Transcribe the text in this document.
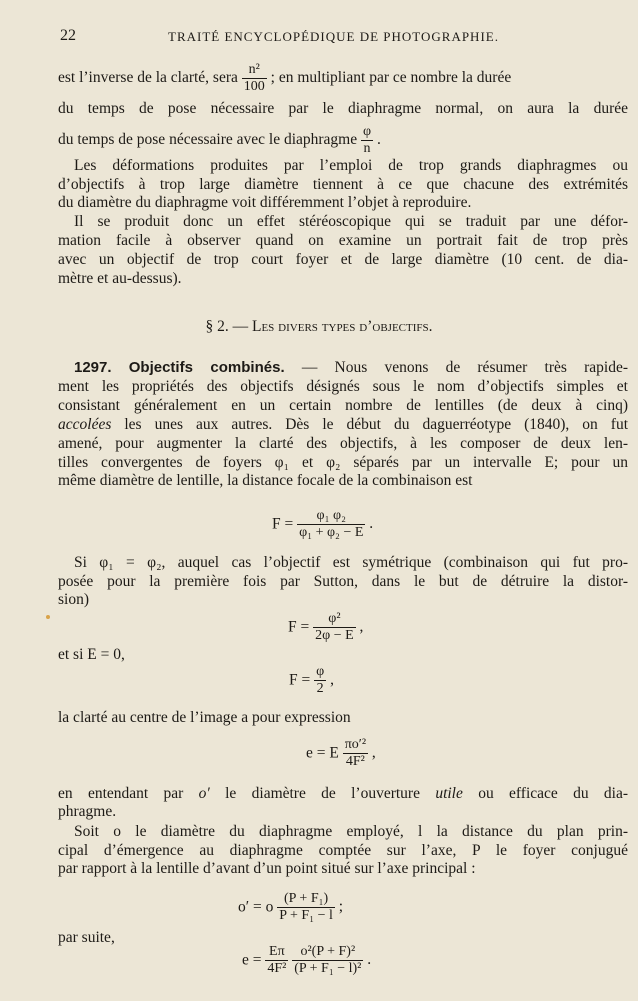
22	TRAITÉ ENCYCLOPÉDIQUE DE PHOTOGRAPHIE.
est l’inverse de la clarté, sera $\frac{\text{n²}}{100}$ ; en multipliant par ce nombre la durée
du temps de pose nécessaire par le diaphragme normal, on aura la durée
du temps de pose nécessaire avec le diaphragme $\frac{\varphi}{n}$ .
Les déformations produites par l’emploi de trop grands diaphragmes ou
d’objectifs à trop large diamètre tiennent à ce que chacune des extrémités
du diamètre du diaphragme voit différemment l’objet à reproduire.
Il se produit donc un effet stéréoscopique qui se traduit par une défor-
mation facile à observer quand on examine un portrait fait de trop près
avec un objectif de trop court foyer et de large diamètre (10 cent. de dia-
mètre et au-dessus).
§ 2. — Les divers types d’objectifs.
1297. Objectifs combinés. — Nous venons de résumer très rapide-
ment les propriétés des objectifs désignés sous le nom d’objectifs simples et
consistant généralement en un certain nombre de lentilles (de deux à cinq)
accolées les unes aux autres. Dès le début du daguerréotype (1840), on fut
amené, pour augmenter la clarté des objectifs, à les composer de deux len-
tilles convergentes de foyers φ₁ et φ₂ séparés par un intervalle E; pour un
même diamètre de lentille, la distance focale de la combinaison est
$F = \frac{\text{φ₁ φ₂}}{\text{φ₁ + φ₂ − E}}$ .
Si φ₁ = φ₂, auquel cas l’objectif est symétrique (combinaison qui fut pro-
posée pour la première fois par Sutton, dans le but de détruire la distor-
sion)
$F = \frac{\text{φ²}}{2\varphi - E}$ ,
et si E = 0,
$F = \frac{\varphi}{2}$ ,
la clarté au centre de l’image a pour expression
e = E $\frac{\text{πo′²}}{\text{4F²}}$ ,
en entendant par o′ le diamètre de l’ouverture utile ou efficace du dia-
phragme.
Soit o le diamètre du diaphragme employé, l la distance du plan prin-
cipal d’émergence au diaphragme comptée sur l’axe, P le foyer conjugué
par rapport à la lentille d’avant d’un point situé sur l’axe principal :
o′ = o $\frac{\text{(P + F₁)}}{\text{P + F₁ − l}}$ ;
par suite,
$e = \frac{E\pi}{\text{4F²}}$
$\frac{\text{o²(P + F)²}}{\text{(P + F₁ − l)²}}$ .
